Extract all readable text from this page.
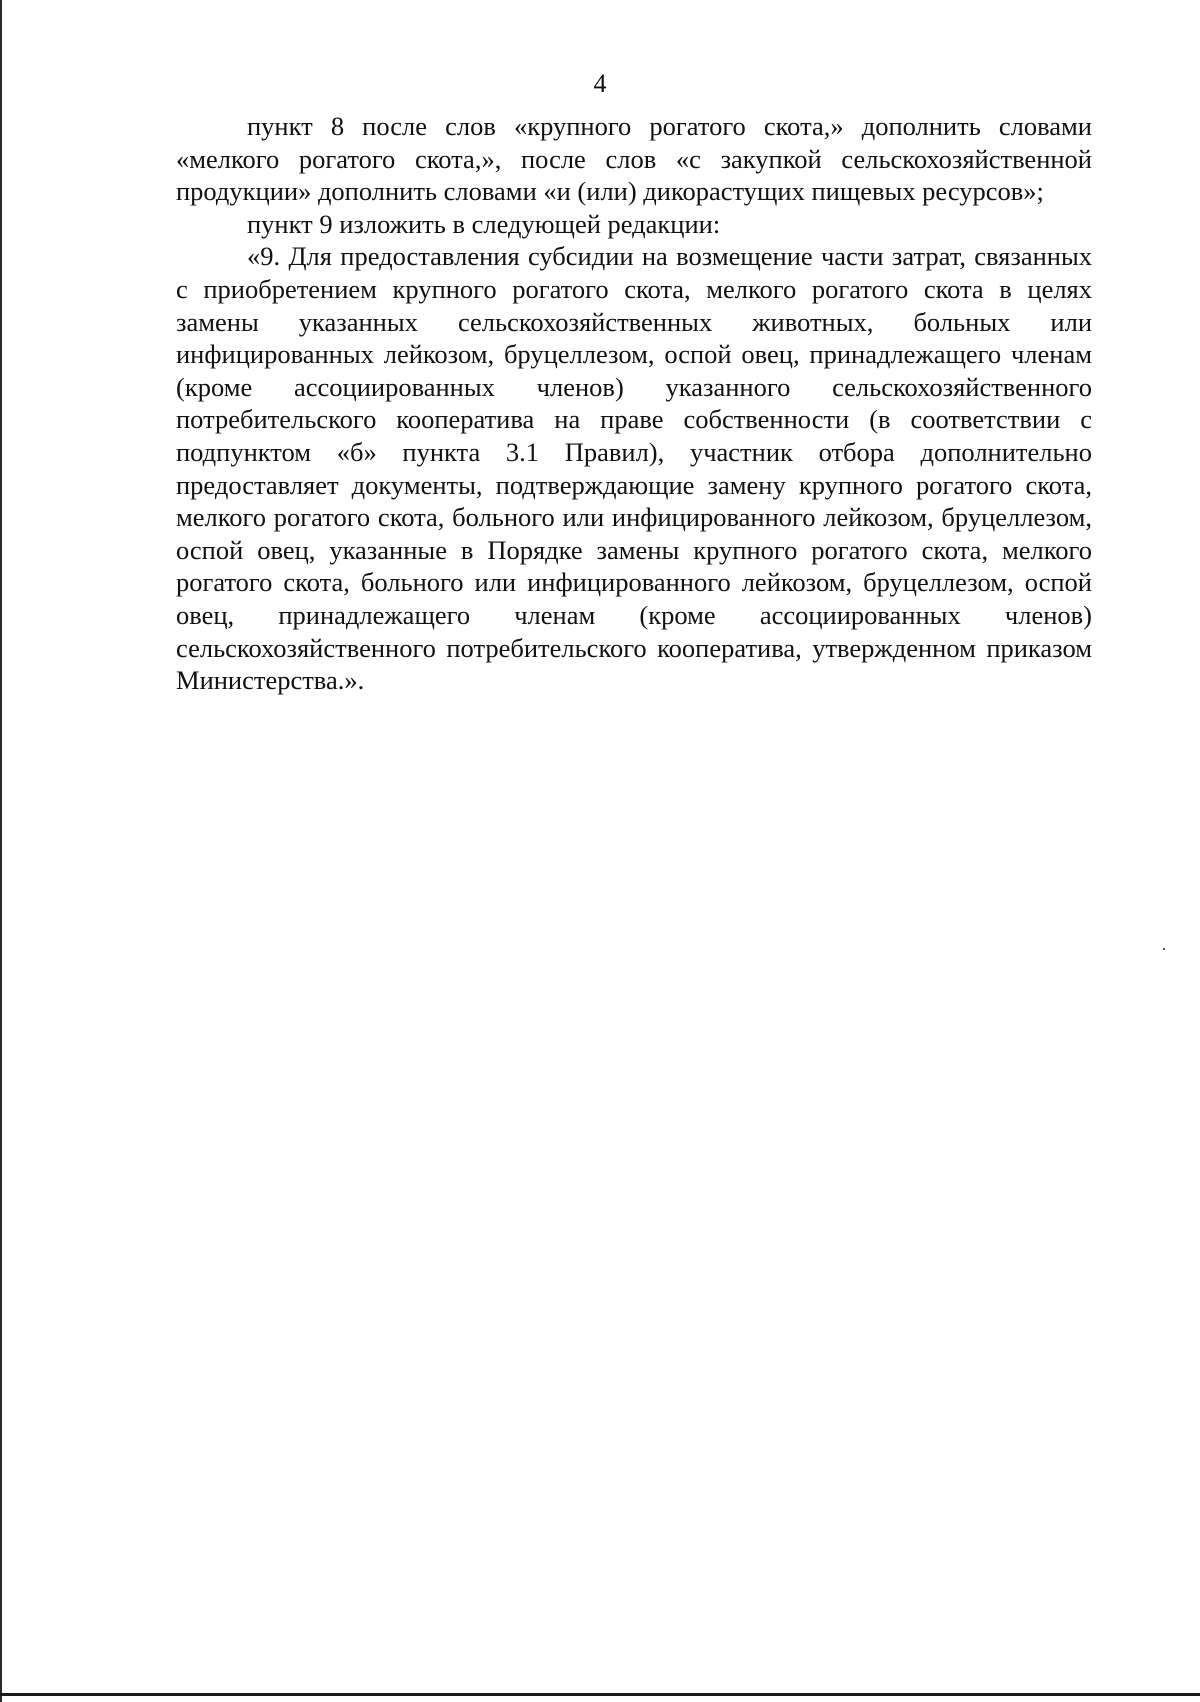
4

пункт 8 после слов «крупного рогатого скота,» дополнить словами «мелкого рогатого скота,», после слов «с закупкой сельскохозяйственной продукции» дополнить словами «и (или) дикорастущих пищевых ресурсов»;

пункт 9 изложить в следующей редакции:

«9. Для предоставления субсидии на возмещение части затрат, связанных с приобретением крупного рогатого скота, мелкого рогатого скота в целях замены указанных сельскохозяйственных животных, больных или инфицированных лейкозом, бруцеллезом, оспой овец, принадлежащего членам (кроме ассоциированных членов) указанного сельскохозяйственного потребительского кооператива на праве собственности (в соответствии с подпунктом «б» пункта 3.1 Правил), участник отбора дополнительно предоставляет документы, подтверждающие замену крупного рогатого скота, мелкого рогатого скота, больного или инфицированного лейкозом, бруцеллезом, оспой овец, указанные в Порядке замены крупного рогатого скота, мелкого рогатого скота, больного или инфицированного лейкозом, бруцеллезом, оспой овец, принадлежащего членам (кроме ассоциированных членов) сельскохозяйственного потребительского кооператива, утвержденном приказом Министерства.».
